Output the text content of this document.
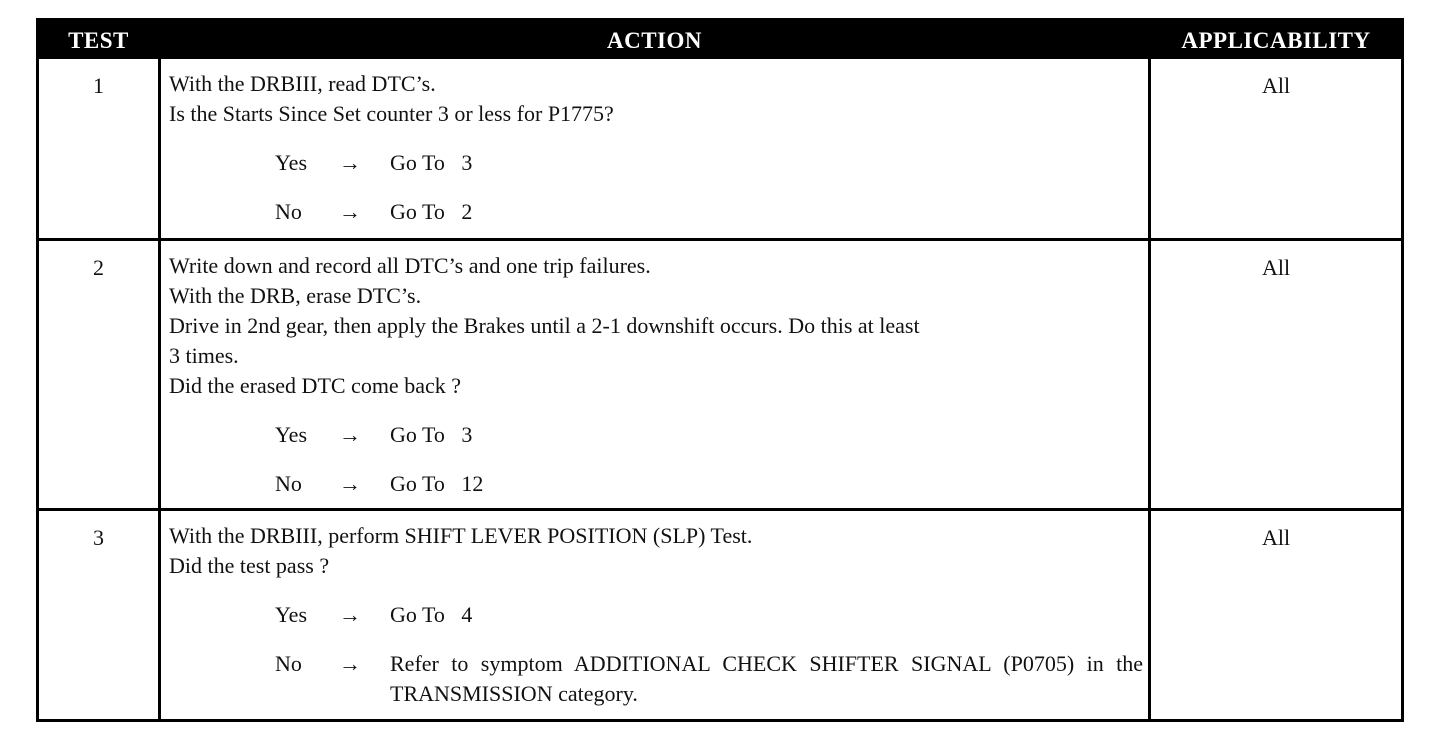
TEST	ACTION	APPLICABILITY
1	With the DRBIII, read DTC’s.
Is the Starts Since Set counter 3 or less for P1775?
Yes → Go To   3
No → Go To   2
All
2	Write down and record all DTC’s and one trip failures.
With the DRB, erase DTC’s.
Drive in 2nd gear, then apply the Brakes until a 2-1 downshift occurs. Do this at least
3 times.
Did the erased DTC come back ?
Yes → Go To   3
No → Go To   12
All
3	With the DRBIII, perform SHIFT LEVER POSITION (SLP) Test.
Did the test pass ?
Yes → Go To   4
No → Refer to symptom ADDITIONAL CHECK SHIFTER SIGNAL (P0705) in the TRANSMISSION category.
All
